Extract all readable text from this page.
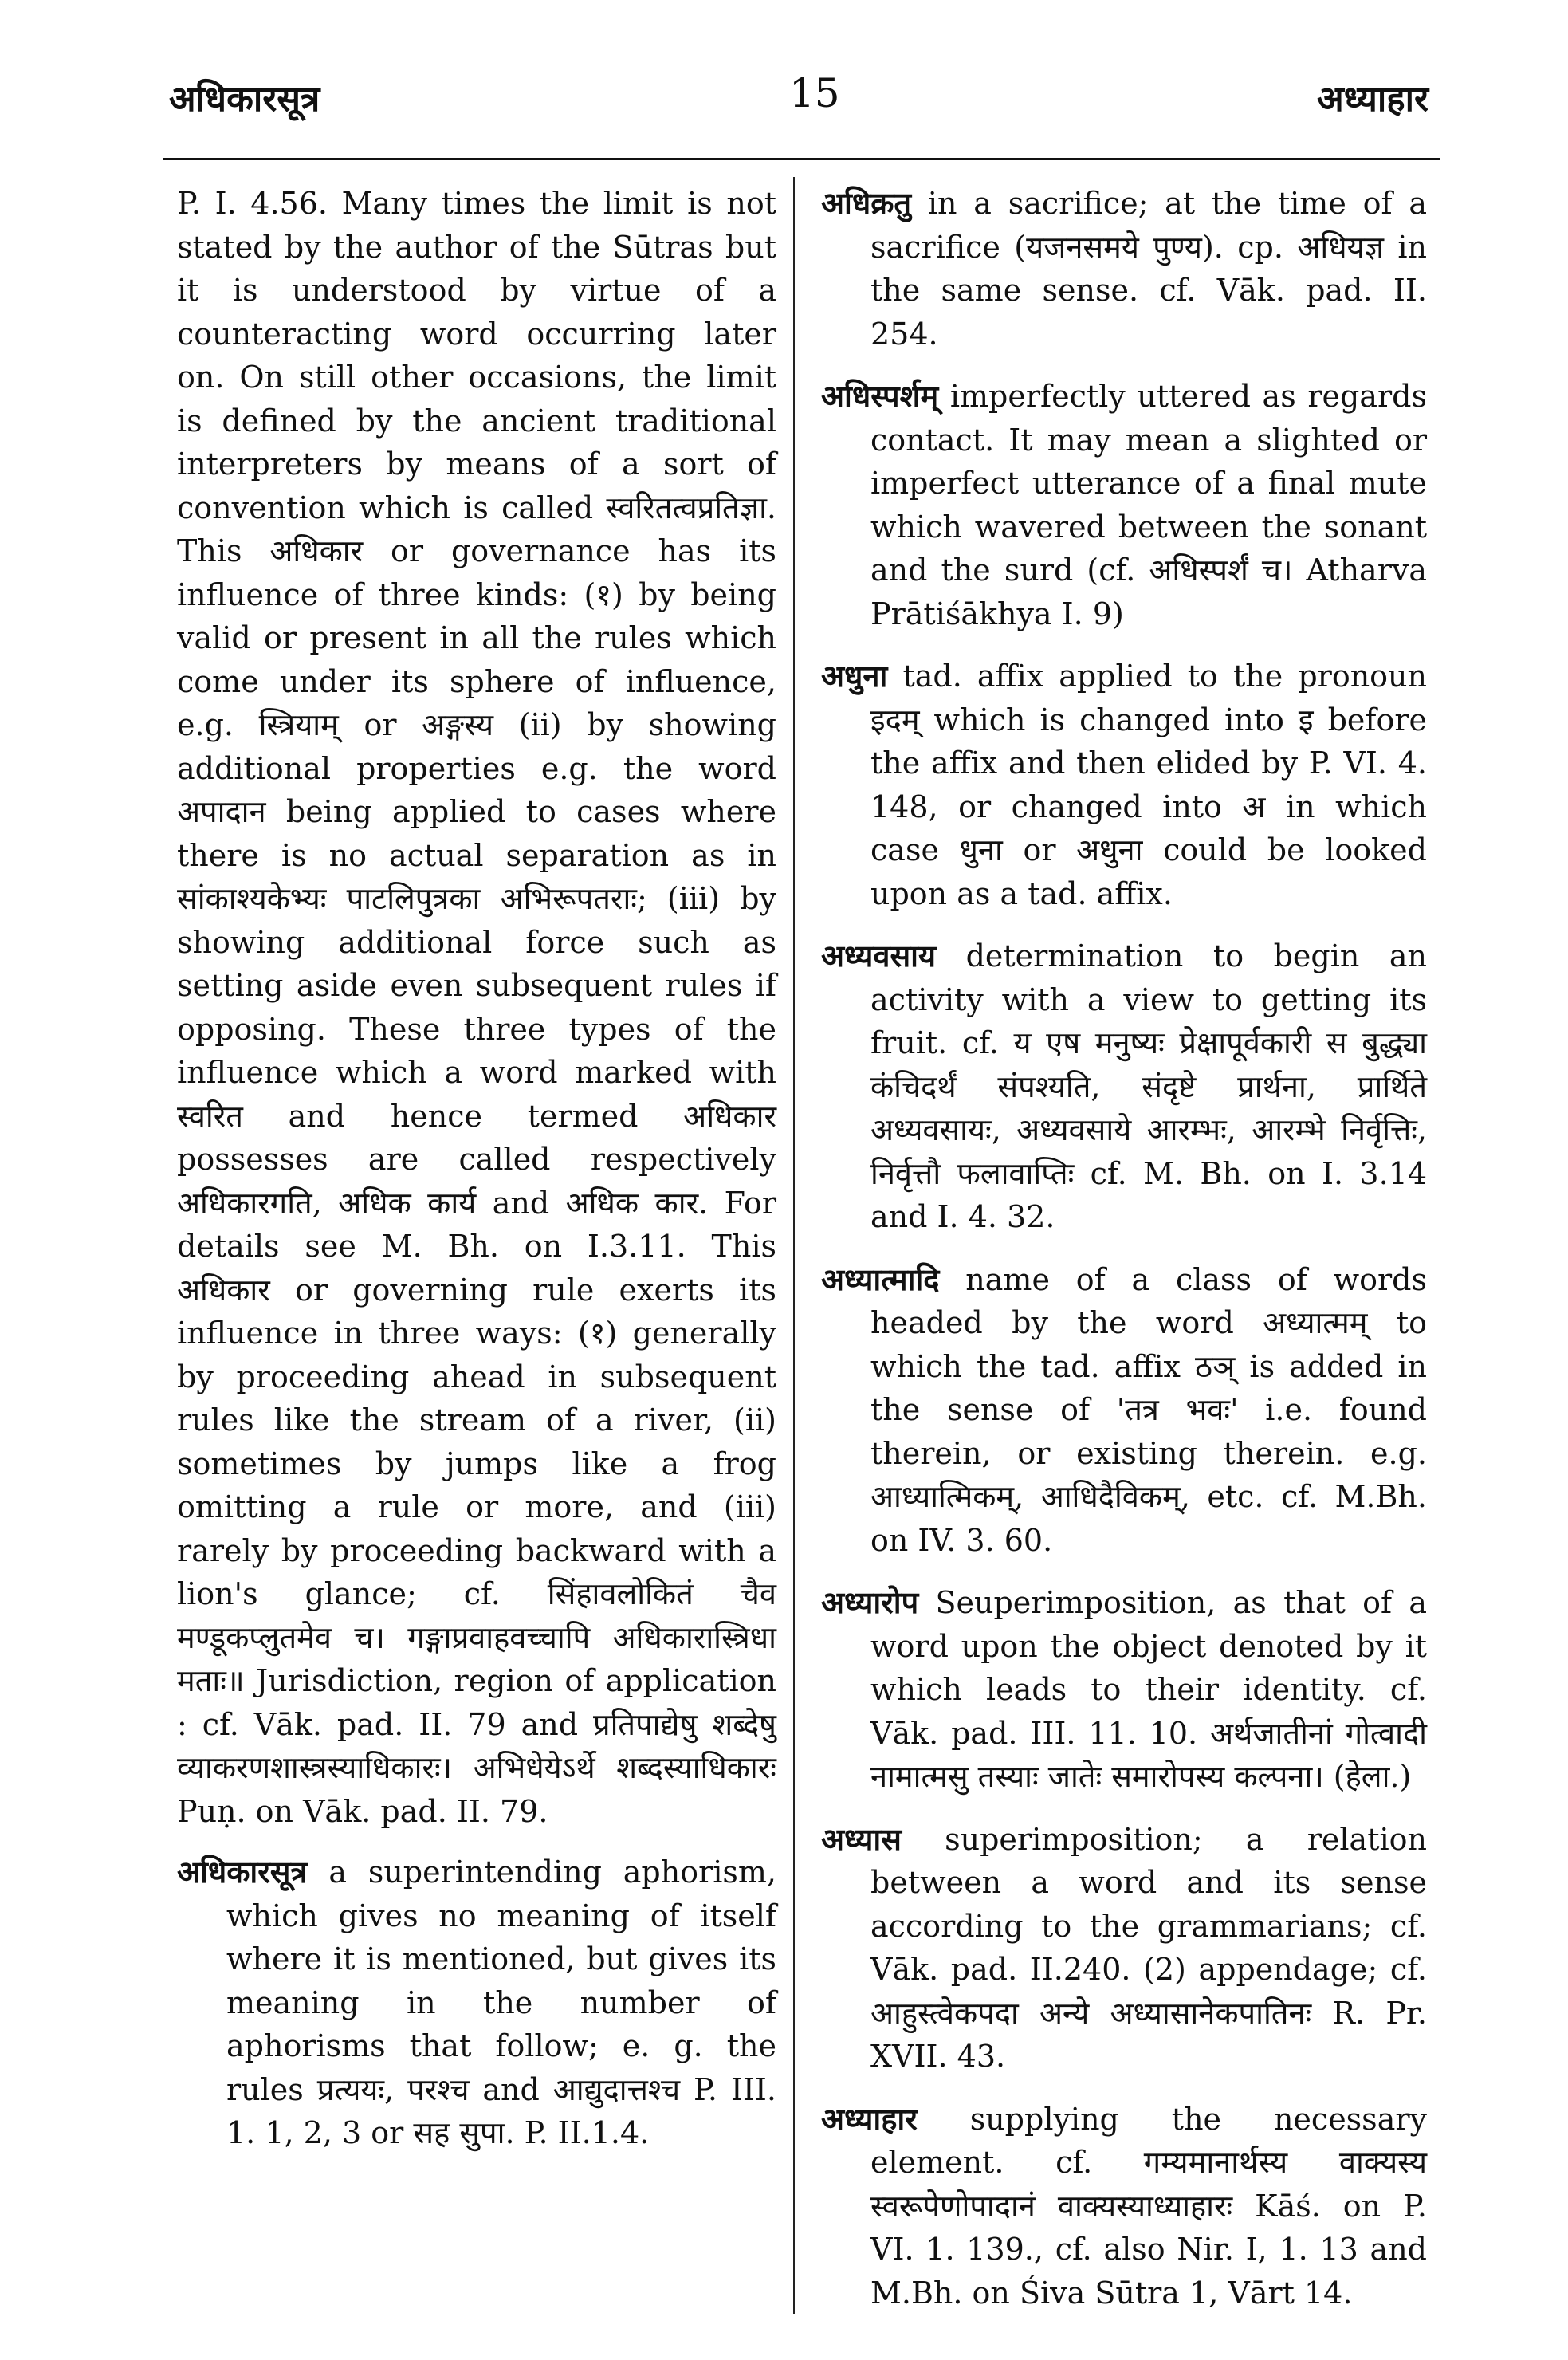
अधिकारसूत्र	15	अध्याहार

P. I. 4.56. Many times the limit is not stated by the author of the Sūtras but it is understood by virtue of a counteracting word occurring later on. On still other occasions, the limit is defined by the ancient traditional interpreters by means of a sort of convention which is called स्वरितत्वप्रतिज्ञा. This अधिकार or governance has its influence of three kinds: (१) by being valid or present in all the rules which come under its sphere of influence, e.g. स्त्रियाम् or अङ्गस्य (ii) by showing additional properties e.g. the word अपादान being applied to cases where there is no actual separation as in सांकाश्यकेभ्यः पाटलिपुत्रका अभिरूपतराः; (iii) by showing additional force such as setting aside even subsequent rules if opposing. These three types of the influence which a word marked with स्वरित and hence termed अधिकार possesses are called respectively अधिकारगति, अधिक कार्य and अधिक कार. For details see M. Bh. on I.3.11. This अधिकार or governing rule exerts its influence in three ways: (१) generally by proceeding ahead in subsequent rules like the stream of a river, (ii) sometimes by jumps like a frog omitting a rule or more, and (iii) rarely by proceeding backward with a lion's glance; cf. सिंहावलोकितं चैव मण्डूकप्लुतमेव च। गङ्गाप्रवाहवच्चापि अधिकारास्त्रिधा मताः॥ Jurisdiction, region of application : cf. Vāk. pad. II. 79 and प्रतिपाद्येषु शब्देषु व्याकरणशास्त्रस्याधिकारः। अभिधेयेऽर्थे शब्दस्याधिकारः Puṇ. on Vāk. pad. II. 79.

अधिकारसूत्र a superintending aphorism, which gives no meaning of itself where it is mentioned, but gives its meaning in the number of aphorisms that follow; e. g. the rules प्रत्ययः, परश्च and आद्युदात्तश्च P. III. 1. 1, 2, 3 or सह सुपा. P. II.1.4.

अधिक्रतु in a sacrifice; at the time of a sacrifice (यजनसमये पुण्य). cp. अधियज्ञ in the same sense. cf. Vāk. pad. II. 254.

अधिस्पर्शम् imperfectly uttered as regards contact. It may mean a slighted or imperfect utterance of a final mute which wavered between the sonant and the surd (cf. अधिस्पर्शं च। Atharva Prātiśākhya I. 9)

अधुना tad. affix applied to the pronoun इदम् which is changed into इ before the affix and then elided by P. VI. 4. 148, or changed into अ in which case धुना or अधुना could be looked upon as a tad. affix.

अध्यवसाय determination to begin an activity with a view to getting its fruit. cf. य एष मनुष्यः प्रेक्षापूर्वकारी स बुद्ध्या कंचिदर्थं संपश्यति, संदृष्टे प्रार्थना, प्रार्थिते अध्यवसायः, अध्यवसाये आरम्भः, आरम्भे निर्वृत्तिः, निर्वृत्तौ फलावाप्तिः cf. M. Bh. on I. 3.14 and I. 4. 32.

अध्यात्मादि name of a class of words headed by the word अध्यात्मम् to which the tad. affix ठञ् is added in the sense of 'तत्र भवः' i.e. found therein, or existing therein. e.g. आध्यात्मिकम्, आधिदैविकम्, etc. cf. M.Bh. on IV. 3. 60.

अध्यारोप Seuperimposition, as that of a word upon the object denoted by it which leads to their identity. cf. Vāk. pad. III. 11. 10. अर्थजातीनां गोत्वादी नामात्मसु तस्याः जातेः समारोपस्य कल्पना। (हेला.)

अध्यास superimposition; a relation between a word and its sense according to the grammarians; cf. Vāk. pad. II.240. (2) appendage; cf. आहुस्त्वेकपदा अन्ये अध्यासानेकपातिनः R. Pr. XVII. 43.

अध्याहार supplying the necessary element. cf. गम्यमानार्थस्य वाक्यस्य स्वरूपेणोपादानं वाक्यस्याध्याहारः Kāś. on P. VI. 1. 139., cf. also Nir. I, 1. 13 and M.Bh. on Śiva Sūtra 1, Vārt 14.
